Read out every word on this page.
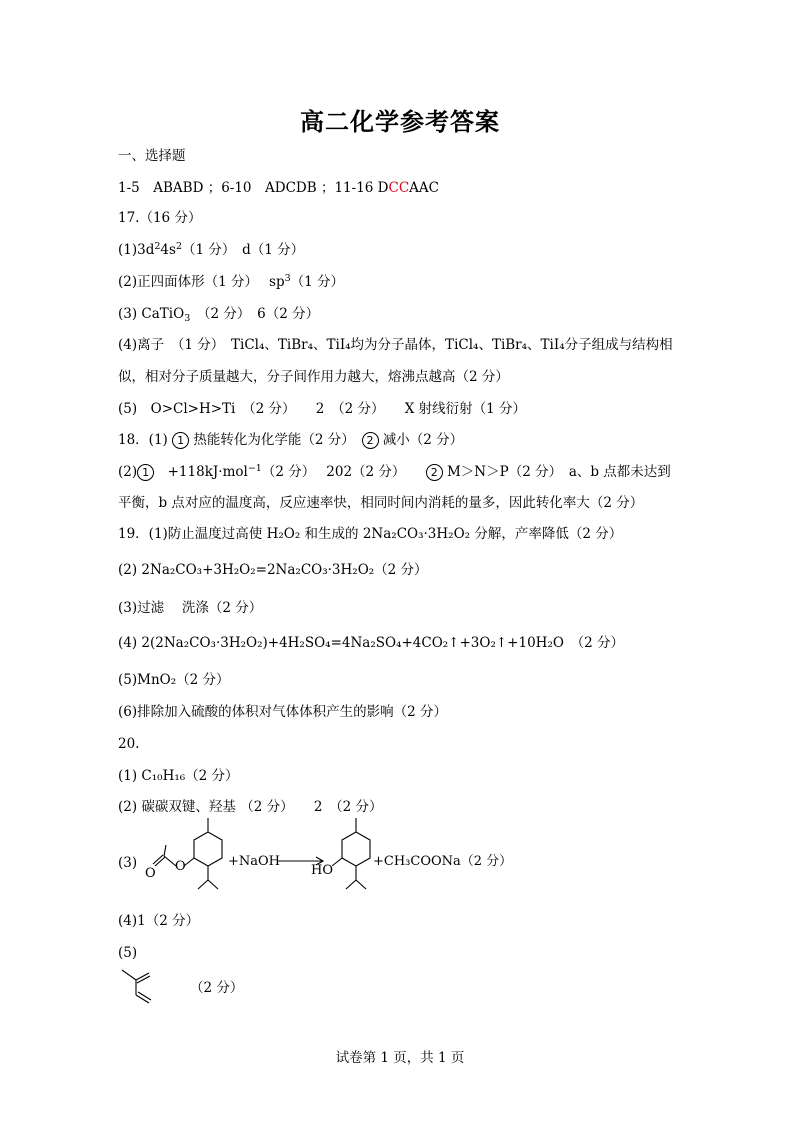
高二化学参考答案
一、选择题
1-5　ABABD ；6-10　ADCDB ；11-16 DCCAAC
17.（16 分）
$(1)3d^24s^2(1$ 分）　d（1 分）
(2)正四面体形（1 分）　 $sp^3(1$ 分）
(3) CaTiO$_3$　（2 分）　6（2 分）
(4)离子　（1 分）　TiCl₄、TiBr₄、TiI₄均为分子晶体，TiCl₄、TiBr₄、TiI₄分子组成与结构相
似，相对分子质量越大，分子间作用力越大，熔沸点越高（2 分）
(5)　O>Cl>H>Ti　（2 分）　　2　（2 分）　　X 射线衍射（1 分）
18．(1) 1 热能转化为化学能（2 分）　 2 减小（2 分）
(2) 1　+118kJ·mol$^{-1}$（2 分）　 202（2 分）　　2 M＞N＞P（2 分）　a、b 点都未达到
平衡，b 点对应的温度高，反应速率快，相同时间内消耗的量多，因此转化率大（2 分）
19．(1)防止温度过高使 H₂O₂ 和生成的 2Na₂CO₃·3H₂O₂ 分解，产率降低（2 分）
(2) 2Na₂CO₃+3H₂O₂=2Na₂CO₃·3H₂O₂（2 分）
(3)过滤　 洗涤（2 分）
(4) 2(2Na₂CO₃·3H₂O₂)+4H₂SO₄=4Na₂SO₄+4CO₂↑+3O₂↑+10H₂O　（2 分）
(5)MnO₂（2 分）
(6)排除加入硫酸的体积对气体体积产生的影响（2 分）
20.
(1) C₁₀H₁₆（2 分）
(2) 碳碳双键、羟基 （2 分）　　2　（2 分）
(3)
O O	+NaOH
HO
+CH₃COONa（2 分）
(4)1（2 分）
(5)
（2 分）
试卷第 1 页，共 1 页
